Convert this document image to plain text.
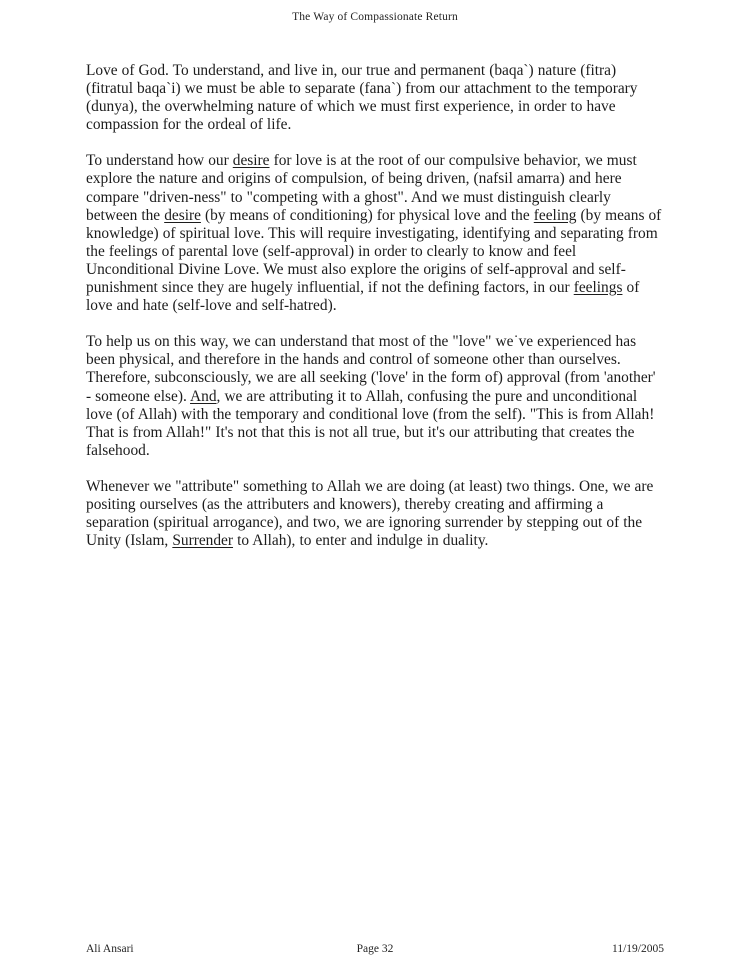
The Way of Compassionate Return

Love of God. To understand, and live in, our true and permanent (baqa`) nature (fitra) (fitratul baqa`i) we must be able to separate (fana`) from our attachment to the temporary (dunya), the overwhelming nature of which we must first experience, in order to have compassion for the ordeal of life.

To understand how our desire for love is at the root of our compulsive behavior, we must explore the nature and origins of compulsion, of being driven, (nafsil amarra) and here compare "driven-ness" to "competing with a ghost". And we must distinguish clearly between the desire (by means of conditioning) for physical love and the feeling (by means of knowledge) of spiritual love. This will require investigating, identifying and separating from the feelings of parental love (self-approval) in order to clearly to know and feel Unconditional Divine Love. We must also explore the origins of self-approval and self-punishment since they are hugely influential, if not the defining factors, in our feelings of love and hate (self-love and self-hatred).

To help us on this way, we can understand that most of the "love" we˙ve experienced has been physical, and therefore in the hands and control of someone other than ourselves. Therefore, subconsciously, we are all seeking ('love' in the form of) approval (from 'another' - someone else). And, we are attributing it to Allah, confusing the pure and unconditional love (of Allah) with the temporary and conditional love (from the self). "This is from Allah! That is from Allah!" It's not that this is not all true, but it's our attributing that creates the falsehood.

Whenever we "attribute" something to Allah we are doing (at least) two things. One, we are positing ourselves (as the attributers and knowers), thereby creating and affirming a separation (spiritual arrogance), and two, we are ignoring surrender by stepping out of the Unity (Islam, Surrender to Allah), to enter and indulge in duality.

Ali Ansari	Page 32	11/19/2005
